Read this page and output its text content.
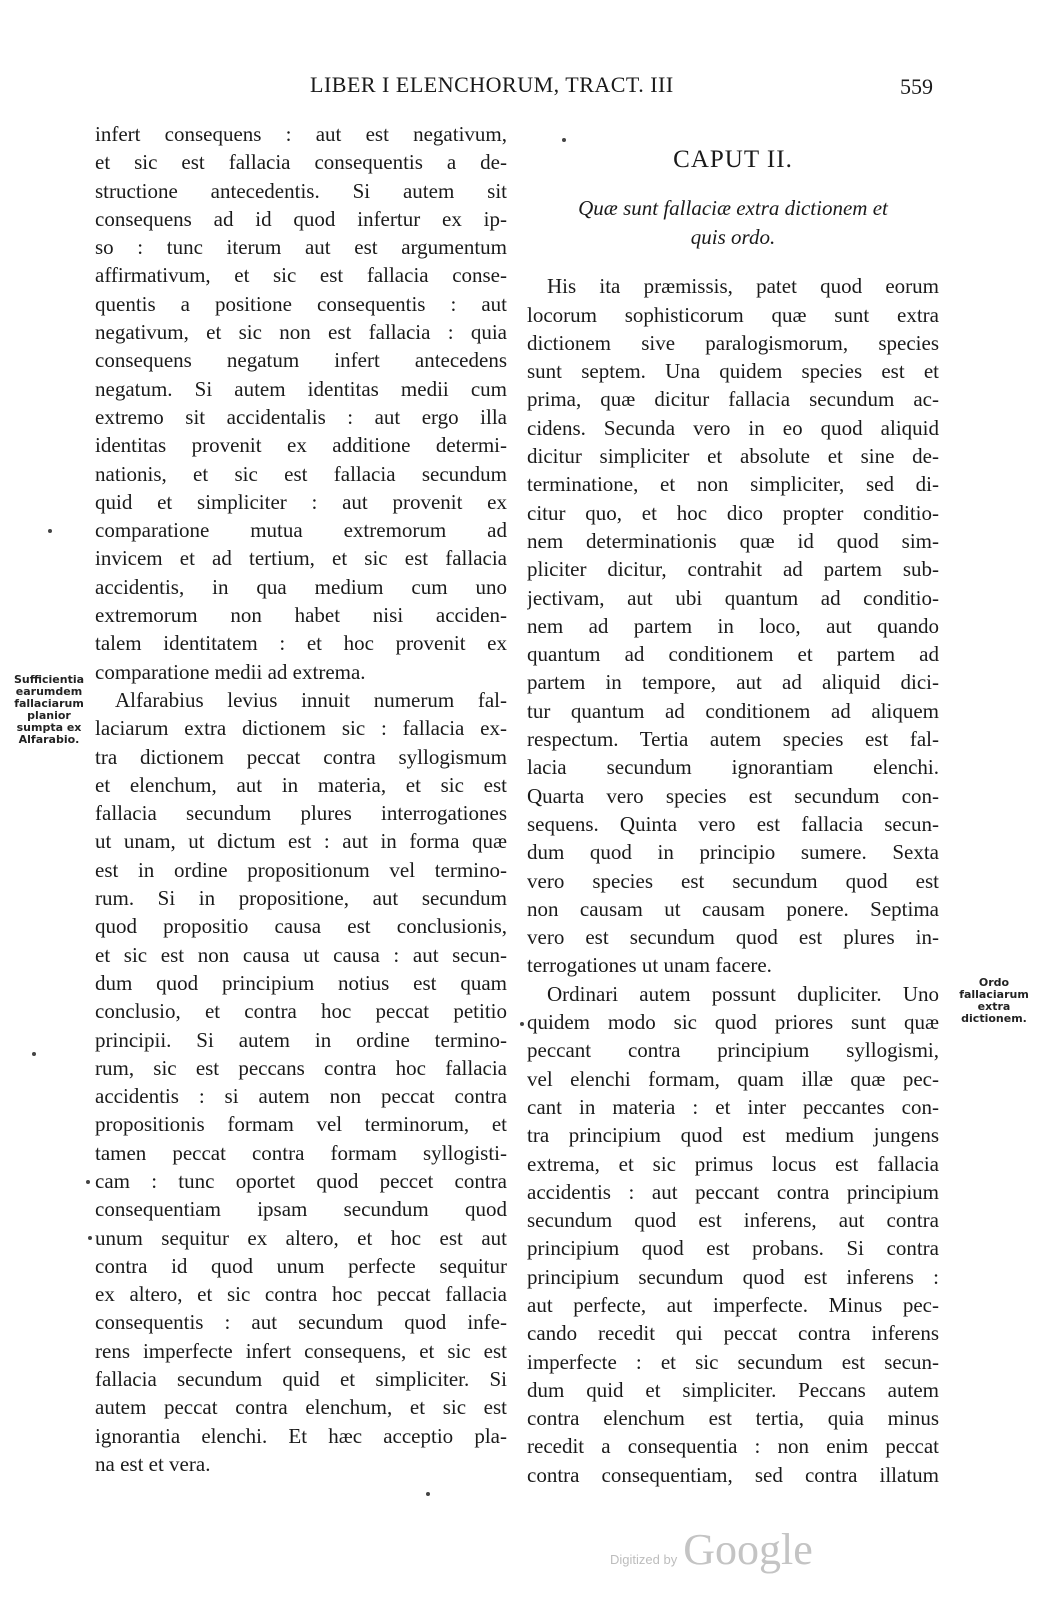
LIBER I ELENCHORUM, TRACT. III	559
infert consequens : aut est negativum,
et sic est fallacia consequentis a de-
structione antecedentis. Si autem sit
consequens ad id quod infertur ex ip-
so : tunc iterum aut est argumentum
affirmativum, et sic est fallacia conse-
quentis a positione consequentis : aut
negativum, et sic non est fallacia : quia
consequens negatum infert antecedens
negatum. Si autem identitas medii cum
extremo sit accidentalis : aut ergo illa
identitas provenit ex additione determi-
nationis, et sic est fallacia secundum
quid et simpliciter : aut provenit ex
comparatione mutua extremorum ad
invicem et ad tertium, et sic est fallacia
accidentis, in qua medium cum uno
extremorum non habet nisi acciden-
talem identitatem : et hoc provenit ex
comparatione medii ad extrema.
Alfarabius levius innuit numerum fal-
laciarum extra dictionem sic : fallacia ex-
tra dictionem peccat contra syllogismum
et elenchum, aut in materia, et sic est
fallacia secundum plures interrogationes
ut unam, ut dictum est : aut in forma quæ
est in ordine propositionum vel termino-
rum. Si in propositione, aut secundum
quod propositio causa est conclusionis,
et sic est non causa ut causa : aut secun-
dum quod principium notius est quam
conclusio, et contra hoc peccat petitio
principii. Si autem in ordine termino-
rum, sic est peccans contra hoc fallacia
accidentis : si autem non peccat contra
propositionis formam vel terminorum, et
tamen peccat contra formam syllogisti-
cam : tunc oportet quod peccet contra
consequentiam ipsam secundum quod
unum sequitur ex altero, et hoc est aut
contra id quod unum perfecte sequitur
ex altero, et sic contra hoc peccat fallacia
consequentis : aut secundum quod infe-
rens imperfecte infert consequens, et sic est
fallacia secundum quid et simpliciter. Si
autem peccat contra elenchum, et sic est
ignorantia elenchi. Et hæc acceptio pla-
na est et vera.
Sufficientia earumdem fallaciarum planior sumpta ex Alfarabio.
CAPUT II.
Quæ sunt fallaciæ extra dictionem et
quis ordo.
His ita præmissis, patet quod eorum
locorum sophisticorum quæ sunt extra
dictionem sive paralogismorum, species
sunt septem. Una quidem species est et
prima, quæ dicitur fallacia secundum ac-
cidens. Secunda vero in eo quod aliquid
dicitur simpliciter et absolute et sine de-
terminatione, et non simpliciter, sed di-
citur quo, et hoc dico propter conditio-
nem determinationis quæ id quod sim-
pliciter dicitur, contrahit ad partem sub-
jectivam, aut ubi quantum ad conditio-
nem ad partem in loco, aut quando
quantum ad conditionem et partem ad
partem in tempore, aut ad aliquid dici-
tur quantum ad conditionem ad aliquem
respectum. Tertia autem species est fal-
lacia secundum ignorantiam elenchi.
Quarta vero species est secundum con-
sequens. Quinta vero est fallacia secun-
dum quod in principio sumere. Sexta
vero species est secundum quod est
non causam ut causam ponere. Septima
vero est secundum quod est plures in-
terrogationes ut unam facere.
Ordinari autem possunt dupliciter. Uno
quidem modo sic quod priores sunt quæ
peccant contra principium syllogismi,
vel elenchi formam, quam illæ quæ pec-
cant in materia : et inter peccantes con-
tra principium quod est medium jungens
extrema, et sic primus locus est fallacia
accidentis : aut peccant contra principium
secundum quod est inferens, aut contra
principium quod est probans. Si contra
principium secundum quod est inferens :
aut perfecte, aut imperfecte. Minus pec-
cando recedit qui peccat contra inferens
imperfecte : et sic secundum est secun-
dum quid et simpliciter. Peccans autem
contra elenchum est tertia, quia minus
recedit a consequentia : non enim peccat
contra consequentiam, sed contra illatum
Ordo fallaciarum extra dictionem.
Digitized by Google
